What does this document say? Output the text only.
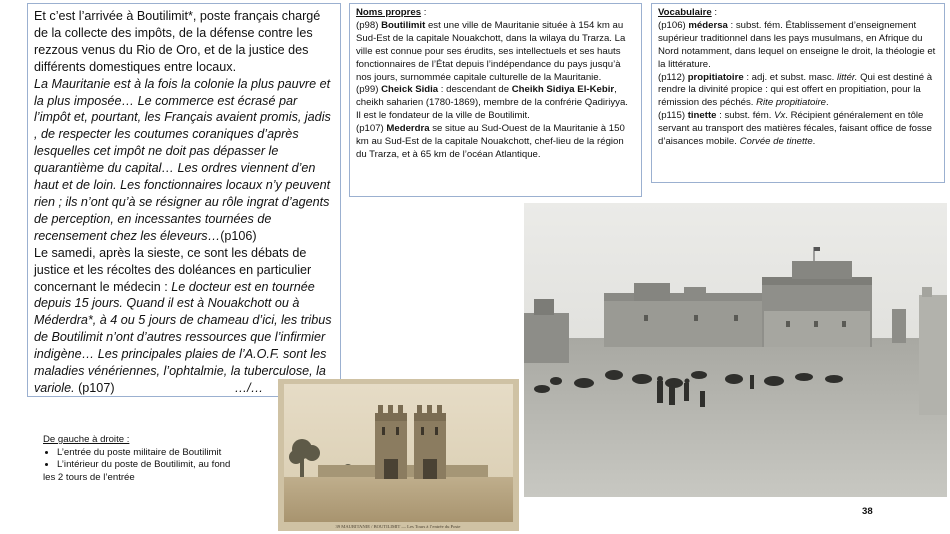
Et c’est l’arrivée à Boutilimit*, poste français chargé de la collecte des impôts, de la défense contre les rezzous venus du Rio de Oro, et de la justice des différents domestiques entre locaux.

La Mauritanie est à la fois la colonie la plus pauvre et la plus imposée… Le commerce est écrasé par l’impôt et, pourtant, les Français avaient promis, jadis , de respecter les coutumes coraniques d’après lesquelles cet impôt ne doit pas dépasser le quarantième du capital… Les ordres viennent d’en haut et de loin. Les fonctionnaires locaux n’y peuvent rien ; ils n’ont qu’à se résigner au rôle ingrat d’agents de perception, en incessantes tournées de recensement chez les éleveurs…(p106)

Le samedi, après la sieste, ce sont les débats de justice et les récoltes des doléances en particulier concernant le médecin : Le docteur est en tournée depuis 15 jours. Quand il est à Nouakchott ou à Méderdra*, à 4 ou 5 jours de chameau d’ici, les tribus de Boutilimit n’ont d’autres ressources que l’infirmier indigène… Les principales plaies de l’A.O.F. sont les maladies vénériennes, l’ophtalmie, la tuberculose, la variole. (p107)	…/…

Noms propres :
(p98) Boutilimit est une ville de Mauritanie située à 154 km au Sud-Est de la capitale Nouakchott, dans la wilaya du Trarza. La ville est connue pour ses érudits, ses intellectuels et ses hauts fonctionnaires de l’État depuis l’indépendance du pays jusqu’à nos jours, surnommée capitale culturelle de la Mauritanie.
(p99) Cheick Sidia : descendant de Cheikh Sidiya El-Kebir, cheikh saharien (1780-1869), membre de la confrérie Qadiriyya. Il est le fondateur de la ville de Boutilimit.
(p107) Mederdra se situe au Sud-Ouest de la Mauritanie à 150 km au Sud-Est de la capitale Nouakchott, chef-lieu de la région du Trarza, et à 65 km de l’océan Atlantique.
Vocabulaire :
(p106) médersa : subst. fém. Établissement d’enseignement supérieur traditionnel dans les pays musulmans, en Afrique du Nord notamment, dans lequel on enseigne le droit, la théologie et la littérature.
(p112) propitiatoire : adj. et subst. masc. littér. Qui est destiné à rendre la divinité propice : qui est offert en propitiation, pour la rémission des péchés. Rite propitiatoire.
(p115) tinette : subst. fém. Vx. Récipient généralement en tôle servant au transport des matières fécales, faisant office de fosse d’aisances mobile. Corvée de tinette.
De gauche à droite :
• L’entrée du poste militaire de Boutilimit
• L’intérieur du poste de Boutilimit, au fond
les 2 tours de l’entrée
39 MAURITANIE / BOUTILIMIT — Les Tours à l’entrée du Poste
38
